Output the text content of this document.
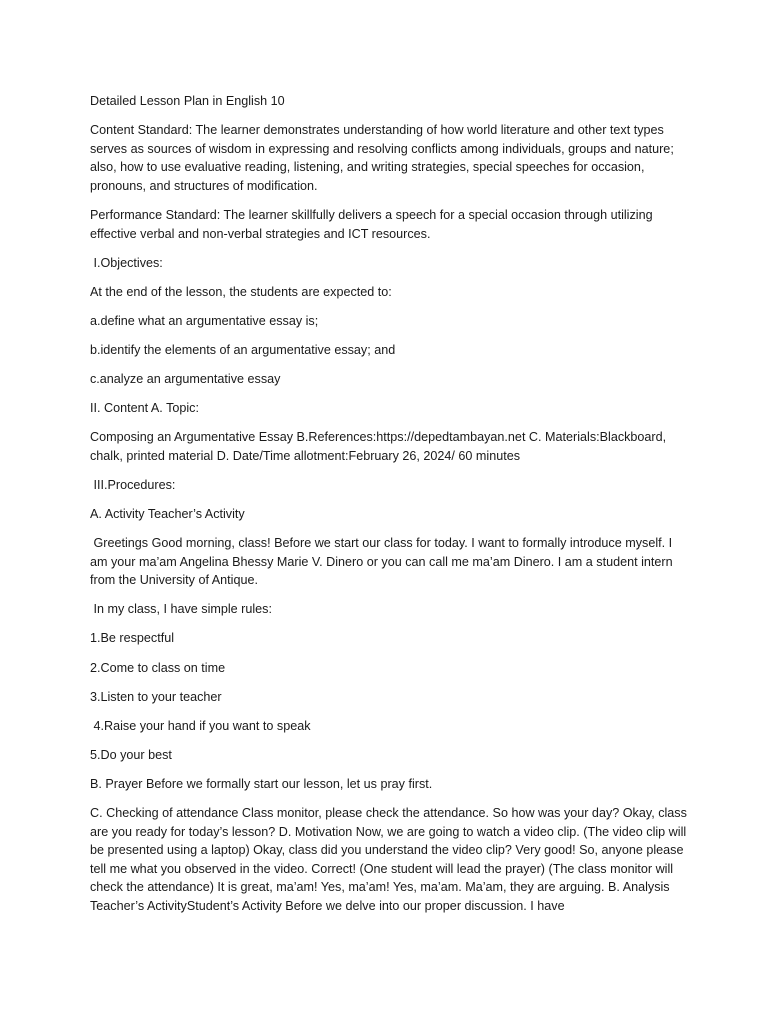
Detailed Lesson Plan in English 10

Content Standard: The learner demonstrates understanding of how world literature and other text types serves as sources of wisdom in expressing and resolving conflicts among individuals, groups and nature; also, how to use evaluative reading, listening, and writing strategies, special speeches for occasion, pronouns, and structures of modification.

Performance Standard: The learner skillfully delivers a speech for a special occasion through utilizing effective verbal and non-verbal strategies and ICT resources.

I.Objectives:

At the end of the lesson, the students are expected to:

a.define what an argumentative essay is;

b.identify the elements of an argumentative essay; and

c.analyze an argumentative essay

II. Content A. Topic:

Composing an Argumentative Essay B.References:https://depedtambayan.net C. Materials:Blackboard, chalk, printed material D. Date/Time allotment:February 26, 2024/ 60 minutes

III.Procedures:

A. Activity Teacher’s Activity

Greetings Good morning, class! Before we start our class for today. I want to formally introduce myself. I am your ma’am Angelina Bhessy Marie V. Dinero or you can call me ma’am Dinero. I am a student intern from the University of Antique.

In my class, I have simple rules:

1.Be respectful

2.Come to class on time

3.Listen to your teacher

4.Raise your hand if you want to speak

5.Do your best

B. Prayer Before we formally start our lesson, let us pray first.

C. Checking of attendance Class monitor, please check the attendance. So how was your day? Okay, class are you ready for today’s lesson? D. Motivation Now, we are going to watch a video clip. (The video clip will be presented using a laptop) Okay, class did you understand the video clip? Very good! So, anyone please tell me what you observed in the video. Correct! (One student will lead the prayer) (The class monitor will check the attendance) It is great, ma’am! Yes, ma’am! Yes, ma’am. Ma’am, they are arguing. B. Analysis Teacher’s ActivityStudent’s Activity Before we delve into our proper discussion. I have
